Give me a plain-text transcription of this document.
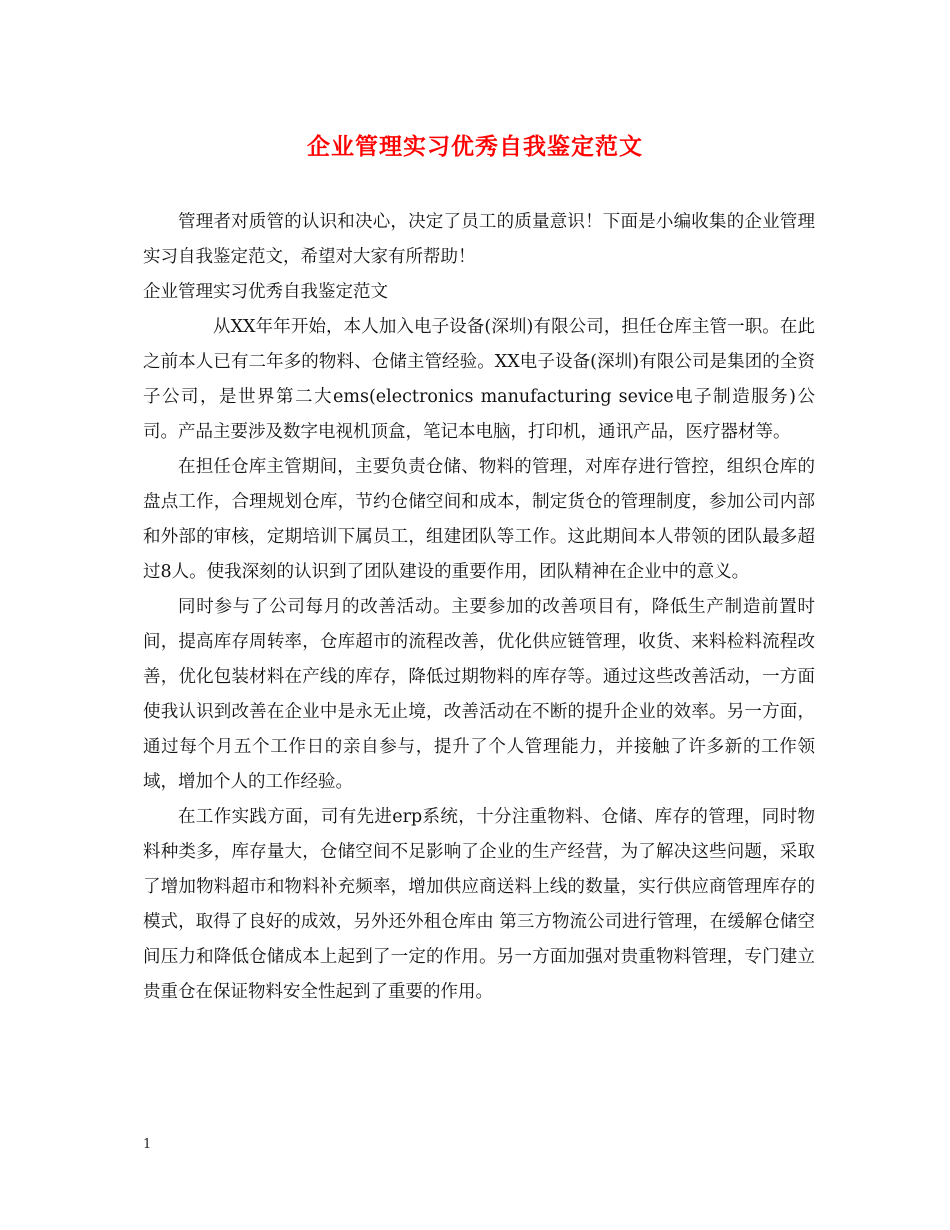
企业管理实习优秀自我鉴定范文

管理者对质管的认识和决心，决定了员工的质量意识！下面是小编收集的企业管理实习自我鉴定范文，希望对大家有所帮助！

企业管理实习优秀自我鉴定范文

从XX年年开始，本人加入电子设备(深圳)有限公司，担任仓库主管一职。在此之前本人已有二年多的物料、仓储主管经验。XX电子设备(深圳)有限公司是集团的全资子公司，是世界第二大ems(electronics manufacturing sevice电子制造服务)公司。产品主要涉及数字电视机顶盒，笔记本电脑，打印机，通讯产品，医疗器材等。

在担任仓库主管期间，主要负责仓储、物料的管理，对库存进行管控，组织仓库的盘点工作，合理规划仓库，节约仓储空间和成本，制定货仓的管理制度，参加公司内部和外部的审核，定期培训下属员工，组建团队等工作。这此期间本人带领的团队最多超过8人。使我深刻的认识到了团队建设的重要作用，团队精神在企业中的意义。

同时参与了公司每月的改善活动。主要参加的改善项目有，降低生产制造前置时间，提高库存周转率，仓库超市的流程改善，优化供应链管理，收货、来料检料流程改善，优化包装材料在产线的库存，降低过期物料的库存等。通过这些改善活动，一方面使我认识到改善在企业中是永无止境，改善活动在不断的提升企业的效率。另一方面，通过每个月五个工作日的亲自参与，提升了个人管理能力，并接触了许多新的工作领域，增加个人的工作经验。

在工作实践方面，司有先进erp系统，十分注重物料、仓储、库存的管理，同时物料种类多，库存量大，仓储空间不足影响了企业的生产经营，为了解决这些问题，采取了增加物料超市和物料补充频率，增加供应商送料上线的数量，实行供应商管理库存的模式，取得了良好的成效，另外还外租仓库由 第三方物流公司进行管理，在缓解仓储空间压力和降低仓储成本上起到了一定的作用。另一方面加强对贵重物料管理，专门建立贵重仓在保证物料安全性起到了重要的作用。

1
